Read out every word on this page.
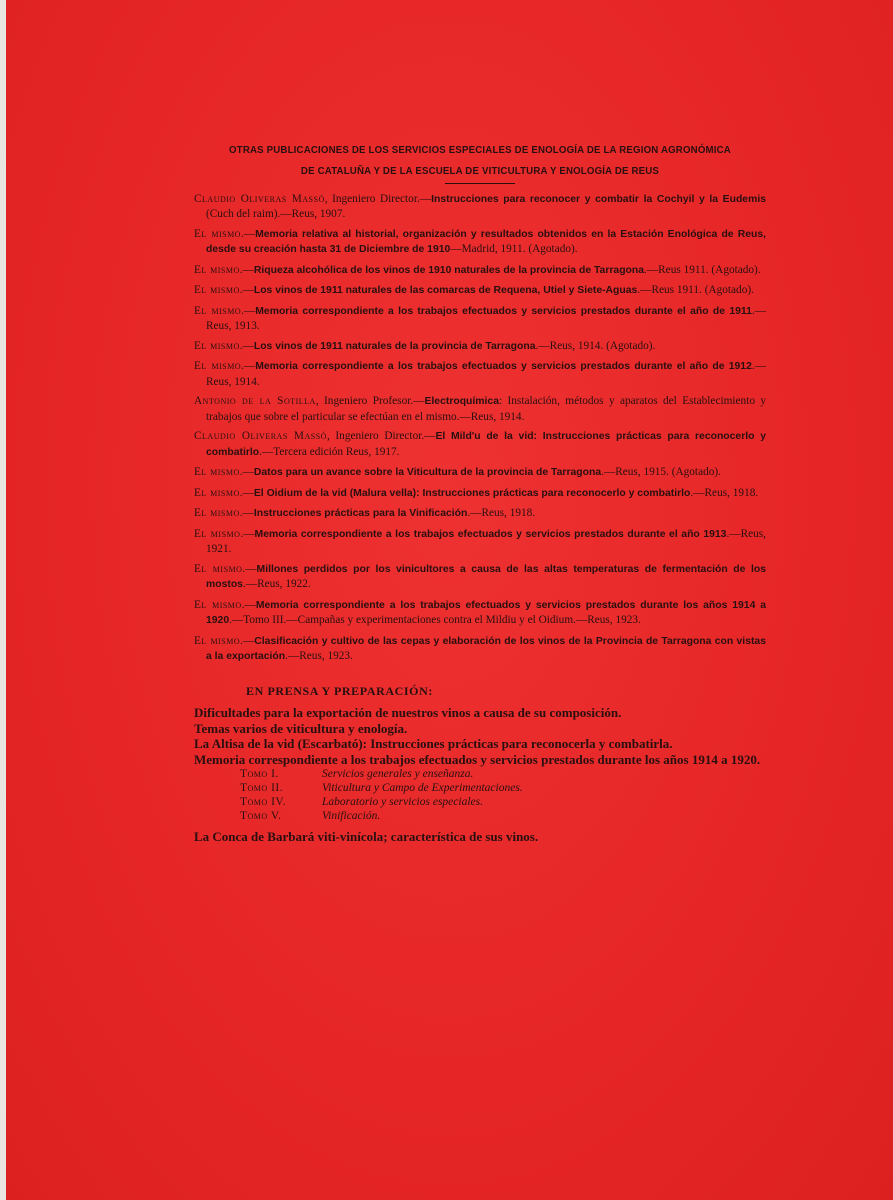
OTRAS PUBLICACIONES DE LOS SERVICIOS ESPECIALES DE ENOLOGÍA DE LA REGION AGRONÓMICA
DE CATALUÑA Y DE LA ESCUELA DE VITICULTURA Y ENOLOGÍA DE REUS
Claudio Oliveras Massó, Ingeniero Director.—Instrucciones para reconocer y combatir la Cochyil y la Eudemis (Cuch del raim).—Reus, 1907.
El mismo.—Memoria relativa al historial, organización y resultados obtenidos en la Estación Enológica de Reus, desde su creación hasta 31 de Diciembre de 1910—Madrid, 1911. (Agotado).
El mismo.—Riqueza alcohólica de los vinos de 1910 naturales de la provincia de Tarragona.—Reus 1911. (Agotado).
El mismo.—Los vinos de 1911 naturales de las comarcas de Requena, Utiel y Siete-Aguas.—Reus 1911. (Agotado).
El mismo.—Memoria correspondiente a los trabajos efectuados y servicios prestados durante el año de 1911.—Reus, 1913.
El mismo.—Los vinos de 1911 naturales de la provincia de Tarragona.—Reus, 1914. (Agotado).
El mismo.—Memoria correspondiente a los trabajos efectuados y servicios prestados durante el año de 1912.—Reus, 1914.
Antonio de la Sotilla, Ingeniero Profesor.—Electroquímica: Instalación, métodos y aparatos del Establecimiento y trabajos que sobre el particular se efectúan en el mismo.—Reus, 1914.
Claudio Oliveras Massó, Ingeniero Director.—El Mild'u de la vid: Instrucciones prácticas para reconocerlo y combatirlo.—Tercera edición Reus, 1917.
El mismo.—Datos para un avance sobre la Viticultura de la provincia de Tarragona.—Reus, 1915. (Agotado).
El mismo.—El Oidium de la vid (Malura vella): Instrucciones prácticas para reconocerlo y combatirlo.—Reus, 1918.
El mismo.—Instrucciones prácticas para la Vinificación.—Reus, 1918.
El mismo.—Memoria correspondiente a los trabajos efectuados y servicios prestados durante el año 1913.—Reus, 1921.
El mismo.—Millones perdidos por los vinicultores a causa de las altas temperaturas de fermentación de los mostos.—Reus, 1922.
El mismo.—Memoria correspondiente a los trabajos efectuados y servicios prestados durante los años 1914 a 1920.—Tomo III.—Campañas y experimentaciones contra el Mildiu y el Oidium.—Reus, 1923.
El mismo.—Clasificación y cultivo de las cepas y elaboración de los vinos de la Provincia de Tarragona con vistas a la exportación.—Reus, 1923.
EN PRENSA Y PREPARACIÓN:
Dificultades para la exportación de nuestros vinos a causa de su composición.
Temas varios de viticultura y enología.
La Altisa de la vid (Escarbató): Instrucciones prácticas para reconocerla y combatirla.
Memoria correspondiente a los trabajos efectuados y servicios prestados durante los años 1914 a 1920.
Tomo I.	Servicios generales y enseñanza.
Tomo II.	Viticultura y Campo de Experimentaciones.
Tomo IV.	Laboratorio y servicios especiales.
Tomo V.	Vinificación.
La Conca de Barbará viti-vinícola; característica de sus vinos.
